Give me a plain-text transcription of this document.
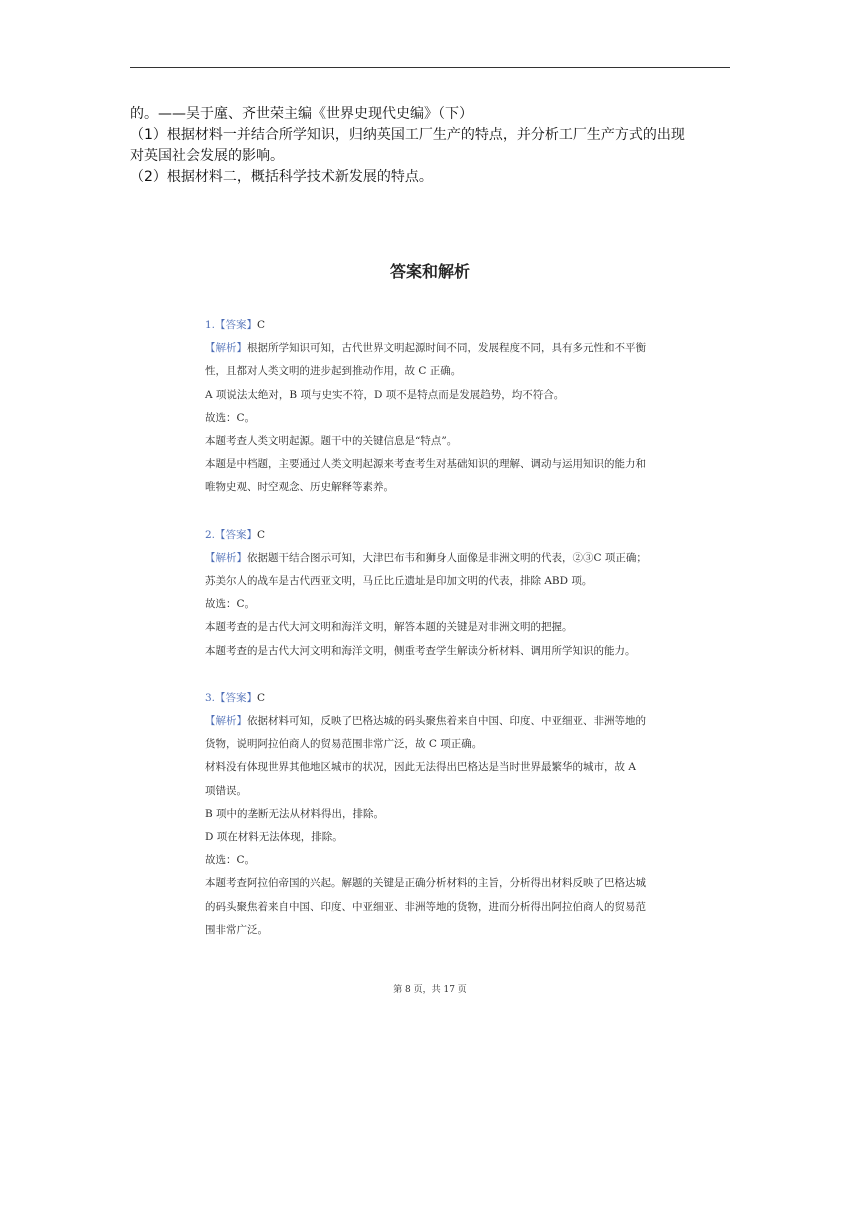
的。——吴于廑、齐世荣主编《世界史现代史编》（下）

（1）根据材料一并结合所学知识，归纳英国工厂生产的特点，并分析工厂生产方式的出现

对英国社会发展的影响。

（2）根据材料二，概括科学技术新发展的特点。

答案和解析

1.【答案】C

【解析】根据所学知识可知，古代世界文明起源时间不同，发展程度不同，具有多元性和不平衡

性，且都对人类文明的进步起到推动作用，故 C 正确。

A 项说法太绝对，B 项与史实不符，D 项不是特点而是发展趋势，均不符合。

故选：C。

本题考查人类文明起源。题干中的关键信息是“特点”。

本题是中档题，主要通过人类文明起源来考查考生对基础知识的理解、调动与运用知识的能力和

唯物史观、时空观念、历史解释等素养。

2.【答案】C

【解析】依据题干结合图示可知，大津巴布韦和狮身人面像是非洲文明的代表，②③C 项正确；

苏美尔人的战车是古代西亚文明，马丘比丘遗址是印加文明的代表，排除 ABD 项。

故选：C。

本题考查的是古代大河文明和海洋文明，解答本题的关键是对非洲文明的把握。

本题考查的是古代大河文明和海洋文明，侧重考查学生解读分析材料、调用所学知识的能力。

3.【答案】C

【解析】依据材料可知，反映了巴格达城的码头聚焦着来自中国、印度、中亚细亚、非洲等地的

货物，说明阿拉伯商人的贸易范围非常广泛，故 C 项正确。

材料没有体现世界其他地区城市的状况，因此无法得出巴格达是当时世界最繁华的城市，故 A

项错误。

B 项中的垄断无法从材料得出，排除。

D 项在材料无法体现，排除。

故选：C。

本题考查阿拉伯帝国的兴起。解题的关键是正确分析材料的主旨，分析得出材料反映了巴格达城

的码头聚焦着来自中国、印度、中亚细亚、非洲等地的货物，进而分析得出阿拉伯商人的贸易范

围非常广泛。

第 8 页，共 17 页
